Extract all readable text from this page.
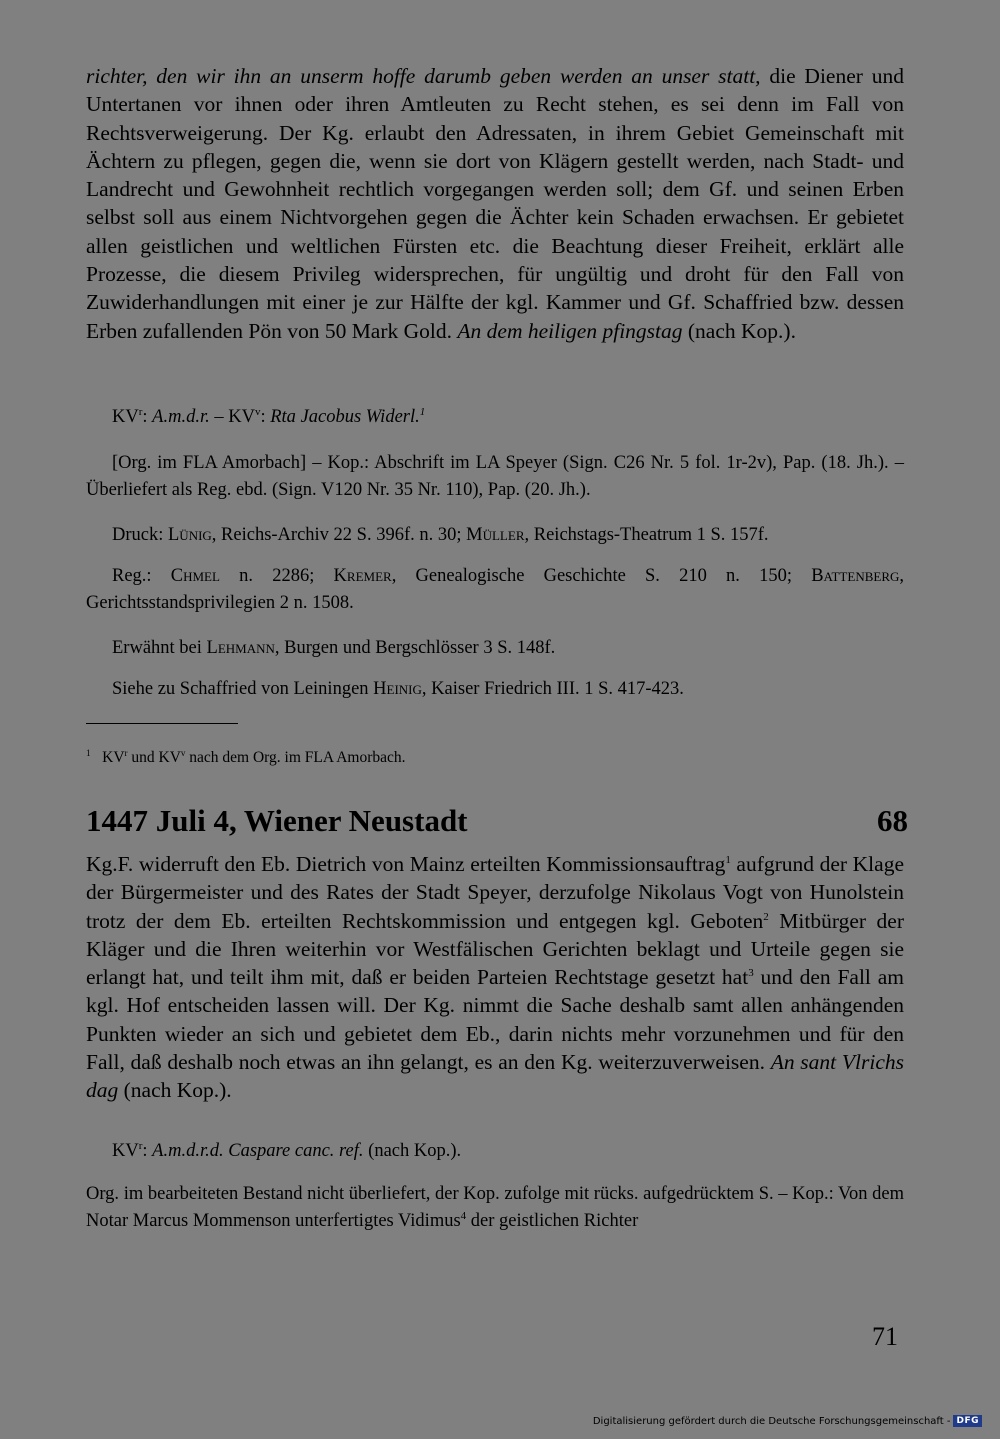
richter, den wir ihn an unserm hoffe darumb geben werden an unser statt, die Diener und Untertanen vor ihnen oder ihren Amtleuten zu Recht stehen, es sei denn im Fall von Rechtsverweigerung. Der Kg. erlaubt den Adressaten, in ihrem Gebiet Gemeinschaft mit Ächtern zu pflegen, gegen die, wenn sie dort von Klägern gestellt werden, nach Stadt- und Landrecht und Gewohnheit rechtlich vorgegangen werden soll; dem Gf. und seinen Erben selbst soll aus einem Nichtvorgehen gegen die Ächter kein Schaden erwachsen. Er gebietet allen geistlichen und weltlichen Fürsten etc. die Beachtung dieser Freiheit, erklärt alle Prozesse, die diesem Privileg widersprechen, für ungültig und droht für den Fall von Zuwiderhandlungen mit einer je zur Hälfte der kgl. Kammer und Gf. Schaffried bzw. dessen Erben zufallenden Pön von 50 Mark Gold. An dem heiligen pfingstag (nach Kop.).
$KV^r$: A.m.d.r. – $KV^v$: Rta Jacobus Widerl.$^1$
[Org. im FLA Amorbach] – Kop.: Abschrift im LA Speyer (Sign. C26 Nr. 5 fol. 1r-2v), Pap. (18. Jh.). – Überliefert als Reg. ebd. (Sign. V120 Nr. 35 Nr. 110), Pap. (20. Jh.).
Druck: Lünig, Reichs-Archiv 22 S. 396f. n. 30; Müller, Reichstags-Theatrum 1 S. 157f.
Reg.: Chmel n. 2286; Kremer, Genealogische Geschichte S. 210 n. 150; Battenberg, Gerichtsstandsprivilegien 2 n. 1508.
Erwähnt bei Lehmann, Burgen und Bergschlösser 3 S. 148f.
Siehe zu Schaffried von Leiningen Heinig, Kaiser Friedrich III. 1 S. 417-423.
$^1$ $KV^r$ und $KV^v$ nach dem Org. im FLA Amorbach.
1447 Juli 4, Wiener Neustadt	68
Kg.F. widerruft den Eb. Dietrich von Mainz erteilten Kommissionsauftrag$^1$ aufgrund der Klage der Bürgermeister und des Rates der Stadt Speyer, derzufolge Nikolaus Vogt von Hunolstein trotz der dem Eb. erteilten Rechtskommission und entgegen kgl. Geboten$^2$ Mitbürger der Kläger und die Ihren weiterhin vor Westfälischen Gerichten beklagt und Urteile gegen sie erlangt hat, und teilt ihm mit, daß er beiden Parteien Rechtstage gesetzt hat$^3$ und den Fall am kgl. Hof entscheiden lassen will. Der Kg. nimmt die Sache deshalb samt allen anhängenden Punkten wieder an sich und gebietet dem Eb., darin nichts mehr vorzunehmen und für den Fall, daß deshalb noch etwas an ihn gelangt, es an den Kg. weiterzuverweisen. An sant Vlrichs dag (nach Kop.).
$KV^r$: A.m.d.r.d. Caspare canc. ref. (nach Kop.).
Org. im bearbeiteten Bestand nicht überliefert, der Kop. zufolge mit rücks. aufgedrücktem S. – Kop.: Von dem Notar Marcus Mommenson unterfertigtes Vidimus$^4$ der geistlichen Richter
71
Digitalisierung gefördert durch die Deutsche Forschungsgemeinschaft - DFG
